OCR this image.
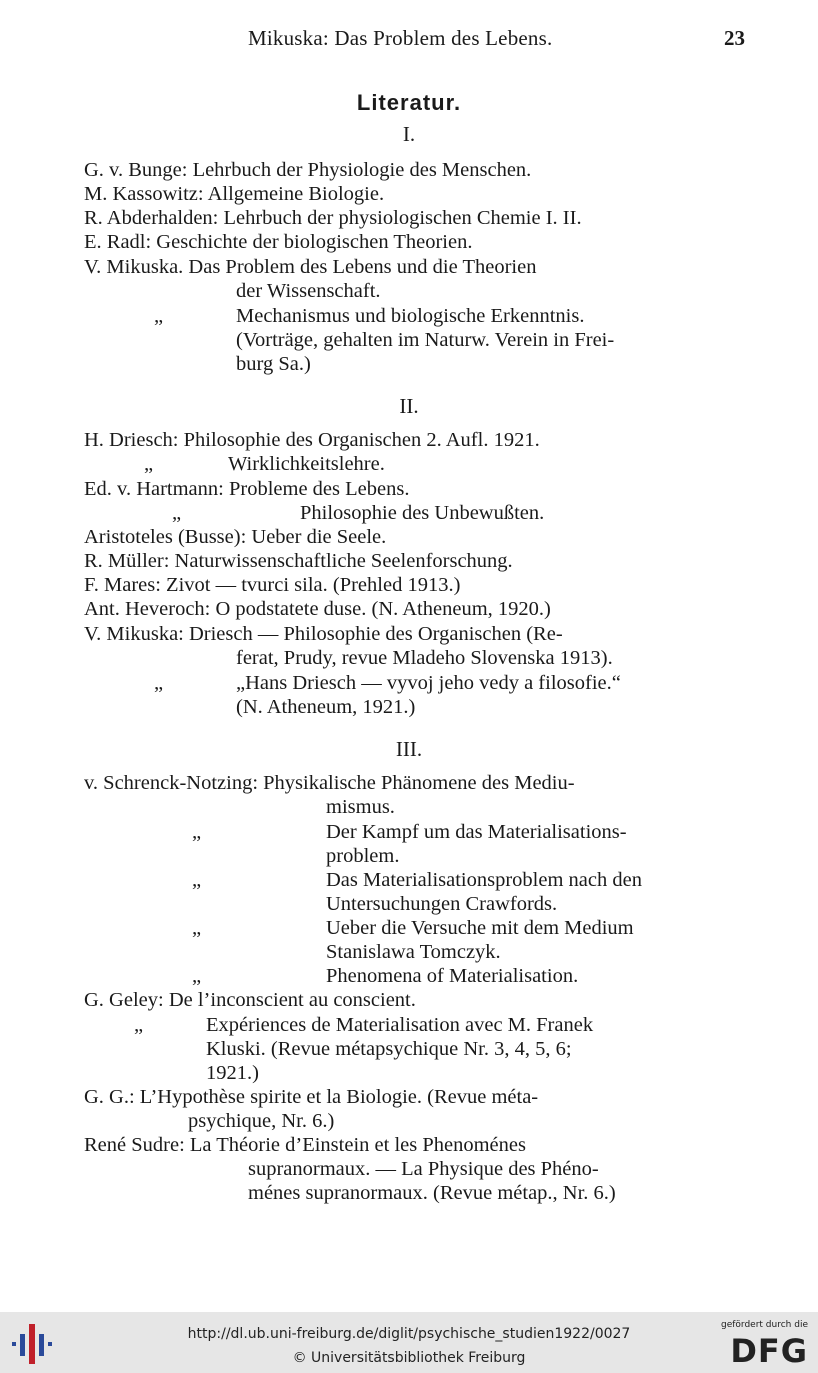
Mikuska: Das Problem des Lebens.	23
Literatur.
I.
G. v. Bunge: Lehrbuch der Physiologie des Menschen.
M. Kassowitz: Allgemeine Biologie.
R. Abderhalden: Lehrbuch der physiologischen Chemie I. II.
E. Radl: Geschichte der biologischen Theorien.
V. Mikuska. Das Problem des Lebens und die Theorien
der Wissenschaft.
„	Mechanismus und biologische Erkenntnis.
(Vorträge, gehalten im Naturw. Verein in Frei-
burg Sa.)
II.
H. Driesch: Philosophie des Organischen 2. Aufl. 1921.
„	Wirklichkeitslehre.
Ed. v. Hartmann: Probleme des Lebens.
„	Philosophie des Unbewußten.
Aristoteles (Busse): Ueber die Seele.
R. Müller: Naturwissenschaftliche Seelenforschung.
F. Mares: Zivot — tvurci sila. (Prehled 1913.)
Ant. Heveroch: O podstatete duse. (N. Atheneum, 1920.)
V. Mikuska: Driesch — Philosophie des Organischen (Re-
ferat, Prudy, revue Mladeho Slovenska 1913).
„	„Hans Driesch — vyvoj jeho vedy a filosofie.“
(N. Atheneum, 1921.)
III.
v. Schrenck-Notzing: Physikalische Phänomene des Mediu-
mismus.
„	Der Kampf um das Materialisations-
problem.
„	Das Materialisationsproblem nach den
Untersuchungen Crawfords.
„	Ueber die Versuche mit dem Medium
Stanislawa Tomczyk.
„	Phenomena of Materialisation.
G. Geley: De l’inconscient au conscient.
„	Expériences de Materialisation avec M. Franek
Kluski. (Revue métapsychique Nr. 3, 4, 5, 6;
1921.)
G. G.: L’Hypothèse spirite et la Biologie. (Revue méta-
psychique, Nr. 6.)
René Sudre: La Théorie d’Einstein et les Phenoménes
supranormaux. — La Physique des Phéno-
ménes supranormaux. (Revue métap., Nr. 6.)
http://dl.ub.uni-freiburg.de/diglit/psychische_studien1922/0027
© Universitätsbibliothek Freiburg
gefördert durch die
DFG
